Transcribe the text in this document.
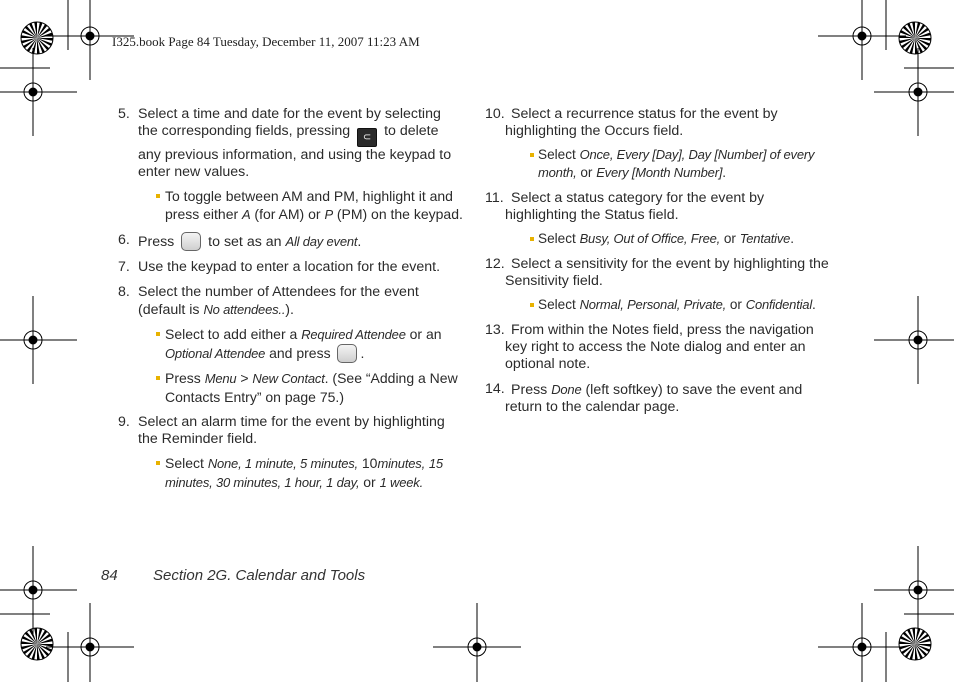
I325.book Page 84 Tuesday, December 11, 2007 11:23 AM
5. Select a time and date for the event by selecting the corresponding fields, pressing ⊂ to delete any previous information, and using the keypad to enter new values.
To toggle between AM and PM, highlight it and press either A (for AM) or P (PM) on the keypad.
6. Press to set as an All day event.
7. Use the keypad to enter a location for the event.
8. Select the number of Attendees for the event (default is No attendees..).
Select to add either a Required Attendee or an Optional Attendee and press .
Press Menu > New Contact. (See “Adding a New Contacts Entry” on page 75.)
9. Select an alarm time for the event by highlighting the Reminder field.
Select None, 1 minute, 5 minutes, 10minutes, 15 minutes, 30 minutes, 1 hour, 1 day, or 1 week.
10. Select a recurrence status for the event by highlighting the Occurs field.
Select Once, Every [Day], Day [Number] of every month, or Every [Month Number].
11. Select a status category for the event by highlighting the Status field.
Select Busy, Out of Office, Free, or Tentative.
12. Select a sensitivity for the event by highlighting the Sensitivity field.
Select Normal, Personal, Private, or Confidential.
13. From within the Notes field, press the navigation key right to access the Note dialog and enter an optional note.
14. Press Done (left softkey) to save the event and return to the calendar page.
84 Section 2G. Calendar and Tools
